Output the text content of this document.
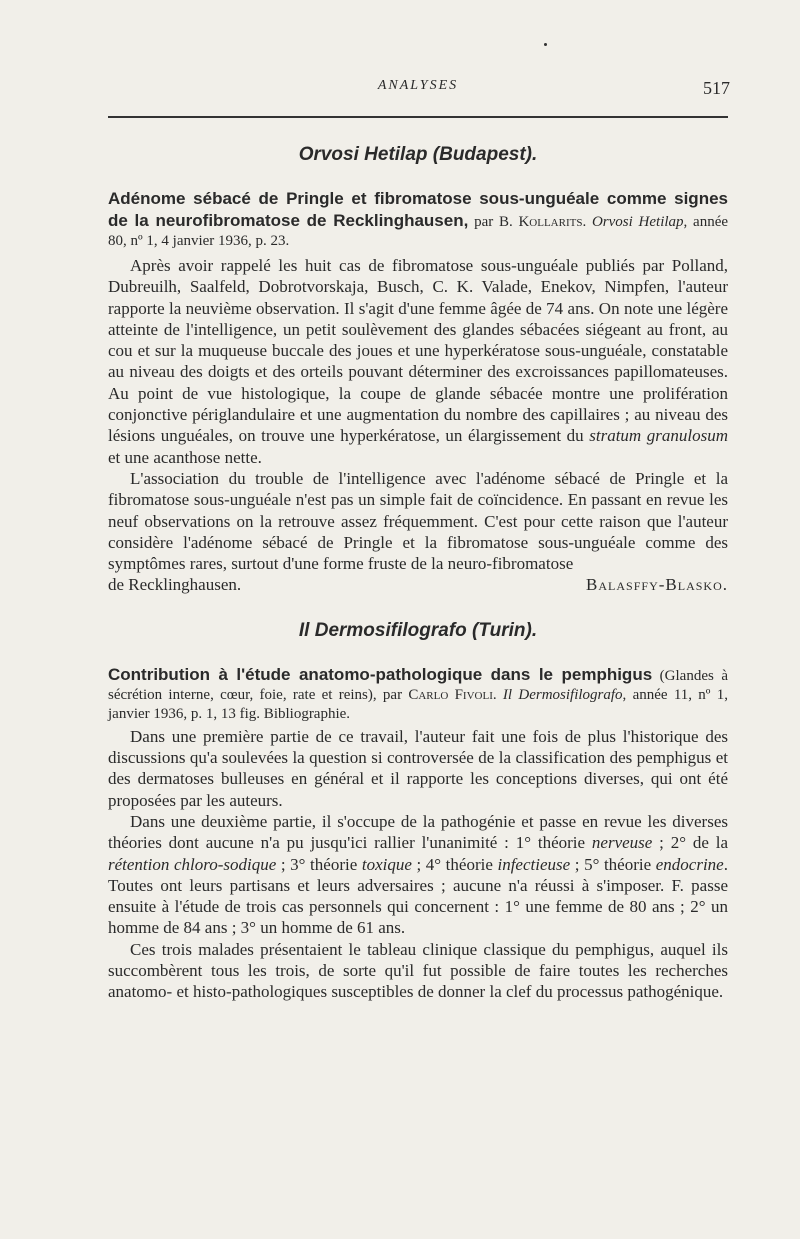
ANALYSES	517
Orvosi Hetilap (Budapest).
Adénome sébacé de Pringle et fibromatose sous-unguéale comme signes de la neurofibromatose de Recklinghausen, par B. Kollarits. Orvosi Hetilap, année 80, nº 1, 4 janvier 1936, p. 23.

Après avoir rappelé les huit cas de fibromatose sous-unguéale publiés par Polland, Dubreuilh, Saalfeld, Dobrotvorskaja, Busch, C. K. Valade, Enekov, Nimpfen, l'auteur rapporte la neuvième observation. Il s'agit d'une femme âgée de 74 ans. On note une légère atteinte de l'intelligence, un petit soulèvement des glandes sébacées siégeant au front, au cou et sur la muqueuse buccale des joues et une hyperkératose sous-unguéale, constatable au niveau des doigts et des orteils pouvant déterminer des excroissances papillomateuses. Au point de vue histologique, la coupe de glande sébacée montre une prolifération conjonctive périglandulaire et une augmentation du nombre des capillaires ; au niveau des lésions unguéales, on trouve une hyperkératose, un élargissement du stratum granulosum et une acanthose nette.

L'association du trouble de l'intelligence avec l'adénome sébacé de Pringle et la fibromatose sous-unguéale n'est pas un simple fait de coïncidence. En passant en revue les neuf observations on la retrouve assez fréquemment. C'est pour cette raison que l'auteur considère l'adénome sébacé de Pringle et la fibromatose sous-unguéale comme des symptômes rares, surtout d'une forme fruste de la neuro-fibromatose

de Recklinghausen.	Balasffy-Blasko.
Il Dermosifilografo (Turin).
Contribution à l'étude anatomo-pathologique dans le pemphigus (Glandes à sécrétion interne, cœur, foie, rate et reins), par Carlo Fivoli. Il Dermosifilografo, année 11, nº 1, janvier 1936, p. 1, 13 fig. Bibliographie.

Dans une première partie de ce travail, l'auteur fait une fois de plus l'historique des discussions qu'a soulevées la question si controversée de la classification des pemphigus et des dermatoses bulleuses en général et il rapporte les conceptions diverses, qui ont été proposées par les auteurs.

Dans une deuxième partie, il s'occupe de la pathogénie et passe en revue les diverses théories dont aucune n'a pu jusqu'ici rallier l'unanimité : 1° théorie nerveuse ; 2° de la rétention chloro-sodique ; 3° théorie toxique ; 4° théorie infectieuse ; 5° théorie endocrine. Toutes ont leurs partisans et leurs adversaires ; aucune n'a réussi à s'imposer. F. passe ensuite à l'étude de trois cas personnels qui concernent : 1° une femme de 80 ans ; 2° un homme de 84 ans ; 3° un homme de 61 ans.

Ces trois malades présentaient le tableau clinique classique du pemphigus, auquel ils succombèrent tous les trois, de sorte qu'il fut possible de faire toutes les recherches anatomo- et histo-pathologiques susceptibles de donner la clef du processus pathogénique.
